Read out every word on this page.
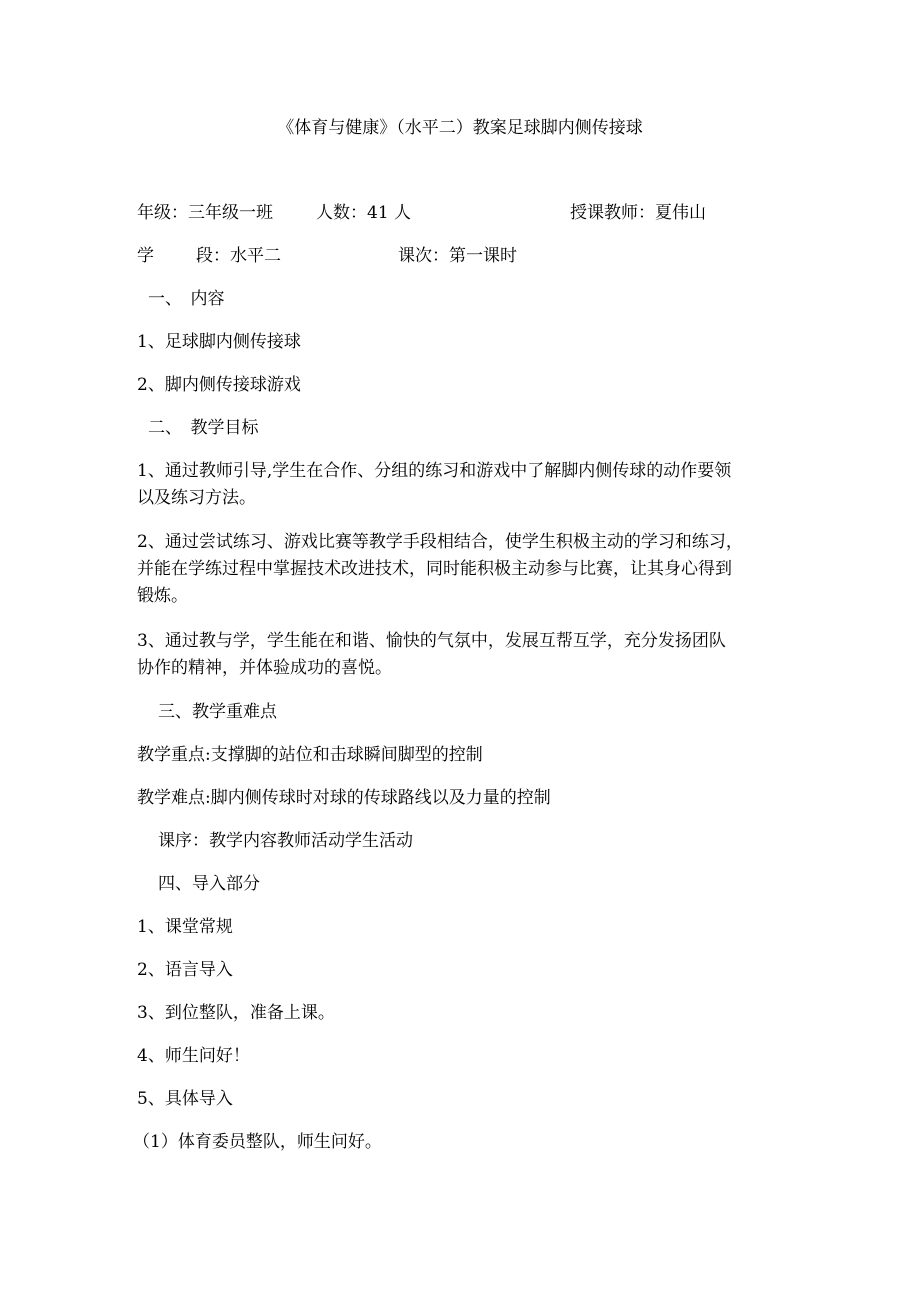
《体育与健康》（水平二）教案足球脚内侧传接球
年级：三年级一班	人数：41 人	授课教师：夏伟山
学 段：水平二	课次：第一课时
一、　内容
1、足球脚内侧传接球
2、脚内侧传接球游戏
二、　教学目标
1、通过教师引导,学生在合作、分组的练习和游戏中了解脚内侧传球的动作要领
以及练习方法。
2、通过尝试练习、游戏比赛等教学手段相结合，使学生积极主动的学习和练习，
并能在学练过程中掌握技术改进技术，同时能积极主动参与比赛，让其身心得到
锻炼。
3、通过教与学，学生能在和谐、愉快的气氛中，发展互帮互学，充分发扬团队
协作的精神，并体验成功的喜悦。
三、教学重难点
教学重点:支撑脚的站位和击球瞬间脚型的控制
教学难点:脚内侧传球时对球的传球路线以及力量的控制
课序：教学内容教师活动学生活动
四、导入部分
1、课堂常规
2、语言导入
3、到位整队，准备上课。
4、师生问好！
5、具体导入
（1）体育委员整队，师生问好。
